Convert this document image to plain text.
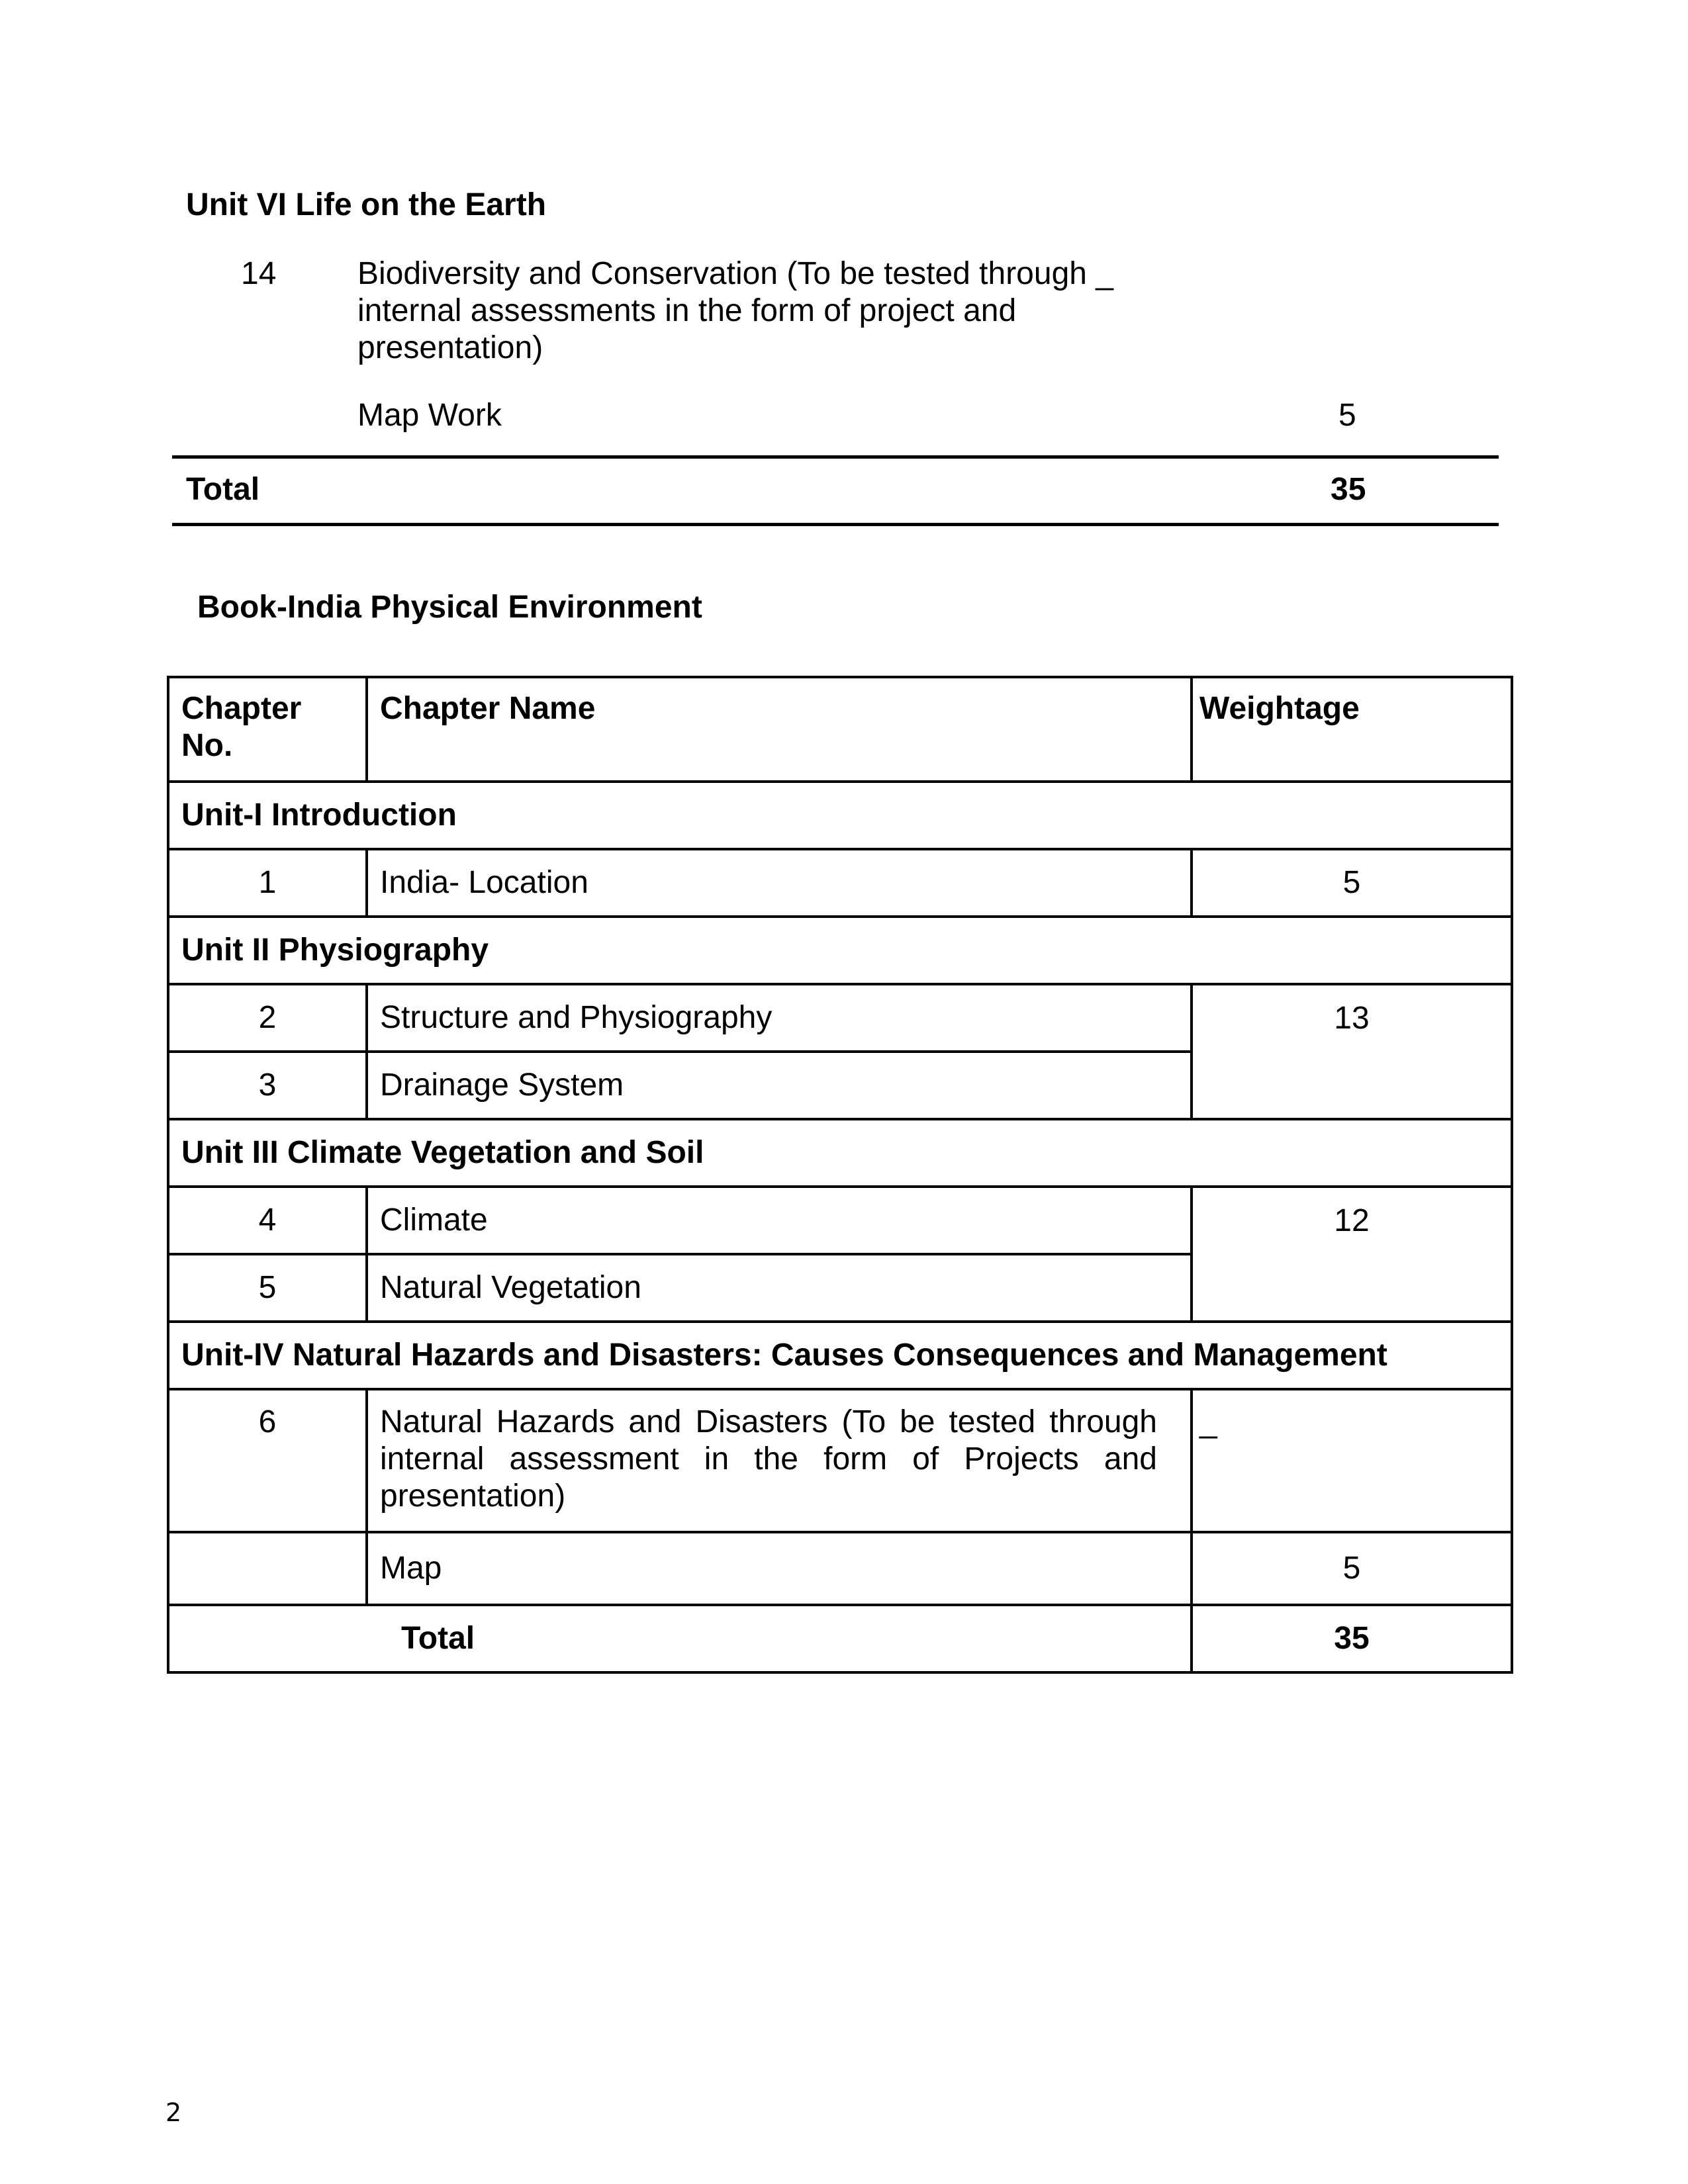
Unit VI Life on the Earth
14	Biodiversity and Conservation (To be tested through _
internal assessments in the form of project and
presentation)
Map Work	5
Total	35
Book-India Physical Environment
Chapter
No.	Chapter Name	Weightage
Unit-I Introduction		
1	India- Location	5
Unit II Physiography		
2	Structure and Physiography	13
3	Drainage System	
Unit III Climate Vegetation and Soil		
4	Climate	12
5	Natural Vegetation	
Unit-IV Natural Hazards and Disasters: Causes Consequences and Management		
6	Natural Hazards and Disasters (To be tested through internal assessment in the form of Projects and presentation)	_
	Map	5
Total		35
2
